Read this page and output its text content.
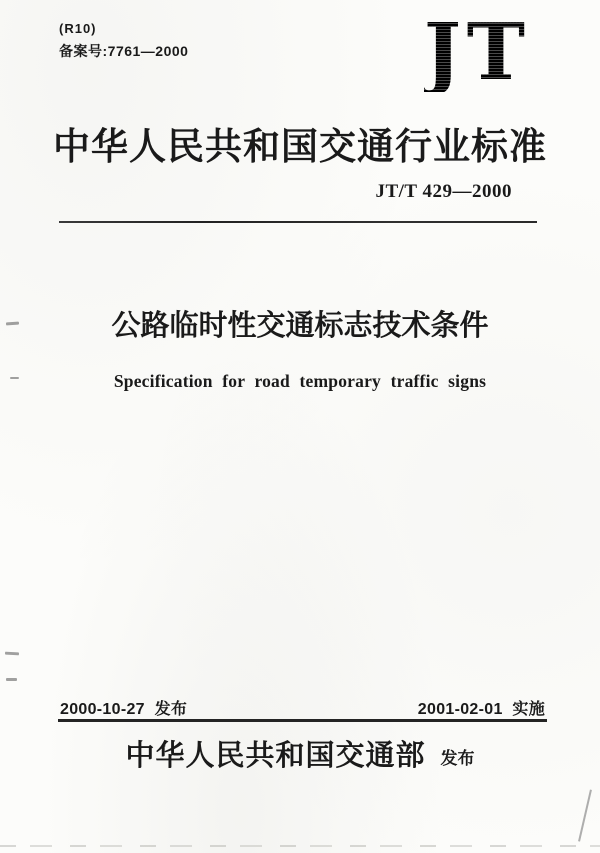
(R10)
备案号:7761—2000	JT
中华人民共和国交通行业标准
JT/T 429—2000
公路临时性交通标志技术条件
Specification for road temporary traffic signs
2000-10-27 发布	2001-02-01 实施
中华人民共和国交通部 发布
